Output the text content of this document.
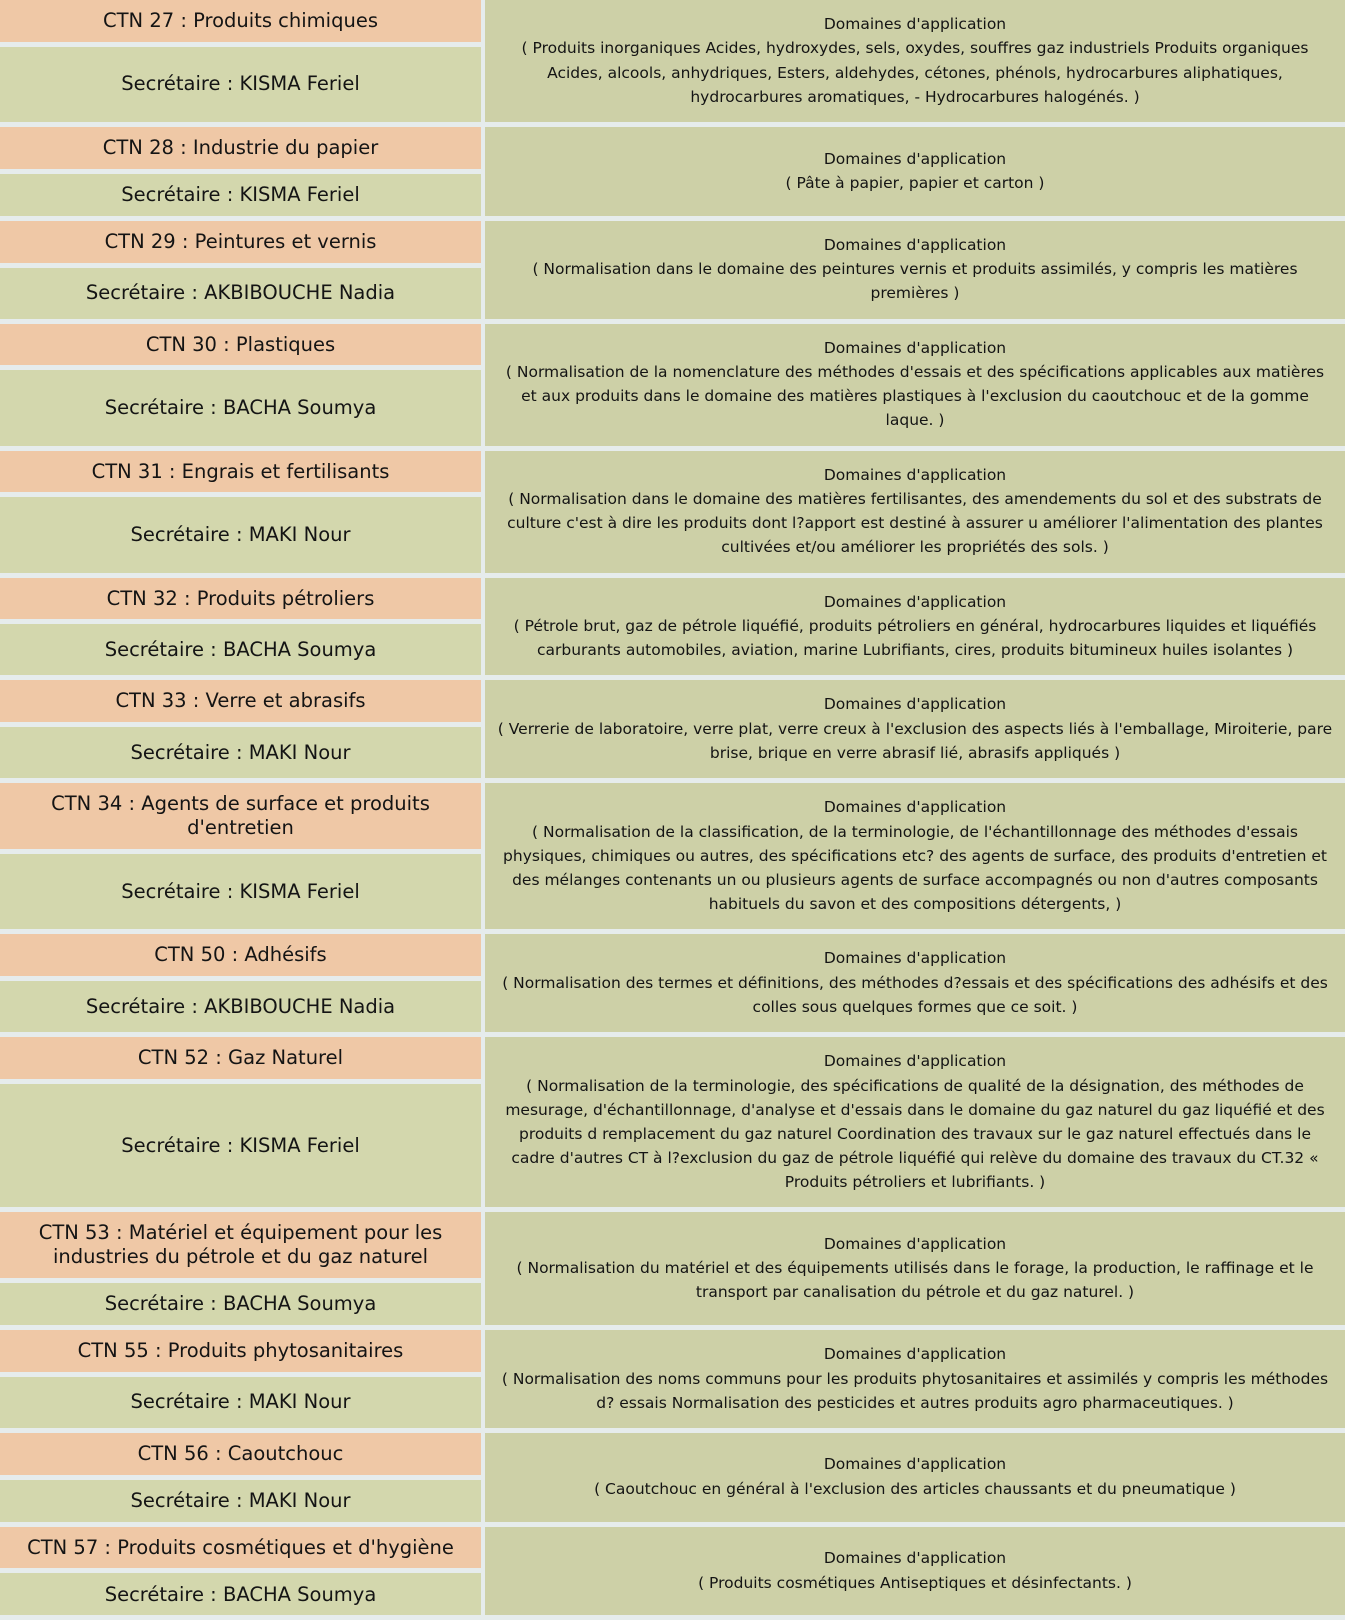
CTN 27 : Produits chimiques
Secrétaire : KISMA Feriel
Domaines d'application
( Produits inorganiques Acides, hydroxydes, sels, oxydes, souffres gaz industriels Produits organiques Acides, alcools, anhydriques, Esters, aldehydes, cétones, phénols, hydrocarbures aliphatiques, hydrocarbures aromatiques, - Hydrocarbures halogénés. )
CTN 28 : Industrie du papier
Secrétaire : KISMA Feriel
Domaines d'application
( Pâte à papier, papier et carton )
CTN 29 : Peintures et vernis
Secrétaire : AKBIBOUCHE Nadia
Domaines d'application
( Normalisation dans le domaine des peintures vernis et produits assimilés, y compris les matières premières )
CTN 30 : Plastiques
Secrétaire : BACHA Soumya
Domaines d'application
( Normalisation de la nomenclature des méthodes d'essais et des spécifications applicables aux matières et aux produits dans le domaine des matières plastiques à l'exclusion du caoutchouc et de la gomme laque. )
CTN 31 : Engrais et fertilisants
Secrétaire : MAKI Nour
Domaines d'application
( Normalisation dans le domaine des matières fertilisantes, des amendements du sol et des substrats de culture c'est à dire les produits dont l?apport est destiné à assurer u améliorer l'alimentation des plantes cultivées et/ou améliorer les propriétés des sols. )
CTN 32 : Produits pétroliers
Secrétaire : BACHA Soumya
Domaines d'application
( Pétrole brut, gaz de pétrole liquéfié, produits pétroliers en général, hydrocarbures liquides et liquéfiés carburants automobiles, aviation, marine Lubrifiants, cires, produits bitumineux huiles isolantes )
CTN 33 : Verre et abrasifs
Secrétaire : MAKI Nour
Domaines d'application
( Verrerie de laboratoire, verre plat, verre creux à l'exclusion des aspects liés à l'emballage, Miroiterie, pare brise, brique en verre abrasif lié, abrasifs appliqués )
CTN 34 : Agents de surface et produits d'entretien
Secrétaire : KISMA Feriel
Domaines d'application
( Normalisation de la classification, de la terminologie, de l'échantillonnage des méthodes d'essais physiques, chimiques ou autres, des spécifications etc? des agents de surface, des produits d'entretien et des mélanges contenants un ou plusieurs agents de surface accompagnés ou non d'autres composants habituels du savon et des compositions détergents, )
CTN 50 : Adhésifs
Secrétaire : AKBIBOUCHE Nadia
Domaines d'application
( Normalisation des termes et définitions, des méthodes d?essais et des spécifications des adhésifs et des colles sous quelques formes que ce soit. )
CTN 52 : Gaz Naturel
Secrétaire : KISMA Feriel
Domaines d'application
( Normalisation de la terminologie, des spécifications de qualité de la désignation, des méthodes de mesurage, d'échantillonnage, d'analyse et d'essais dans le domaine du gaz naturel du gaz liquéfié et des produits d remplacement du gaz naturel Coordination des travaux sur le gaz naturel effectués dans le cadre d'autres CT à l?exclusion du gaz de pétrole liquéfié qui relève du domaine des travaux du CT.32 « Produits pétroliers et lubrifiants. )
CTN 53 : Matériel et équipement pour les industries du pétrole et du gaz naturel
Secrétaire : BACHA Soumya
Domaines d'application
( Normalisation du matériel et des équipements utilisés dans le forage, la production, le raffinage et le transport par canalisation du pétrole et du gaz naturel. )
CTN 55 : Produits phytosanitaires
Secrétaire : MAKI Nour
Domaines d'application
( Normalisation des noms communs pour les produits phytosanitaires et assimilés y compris les méthodes d? essais Normalisation des pesticides et autres produits agro pharmaceutiques. )
CTN 56 : Caoutchouc
Secrétaire : MAKI Nour
Domaines d'application
( Caoutchouc en général à l'exclusion des articles chaussants et du pneumatique )
CTN 57 : Produits cosmétiques et d'hygiène
Secrétaire : BACHA Soumya
Domaines d'application
( Produits cosmétiques Antiseptiques et désinfectants. )
